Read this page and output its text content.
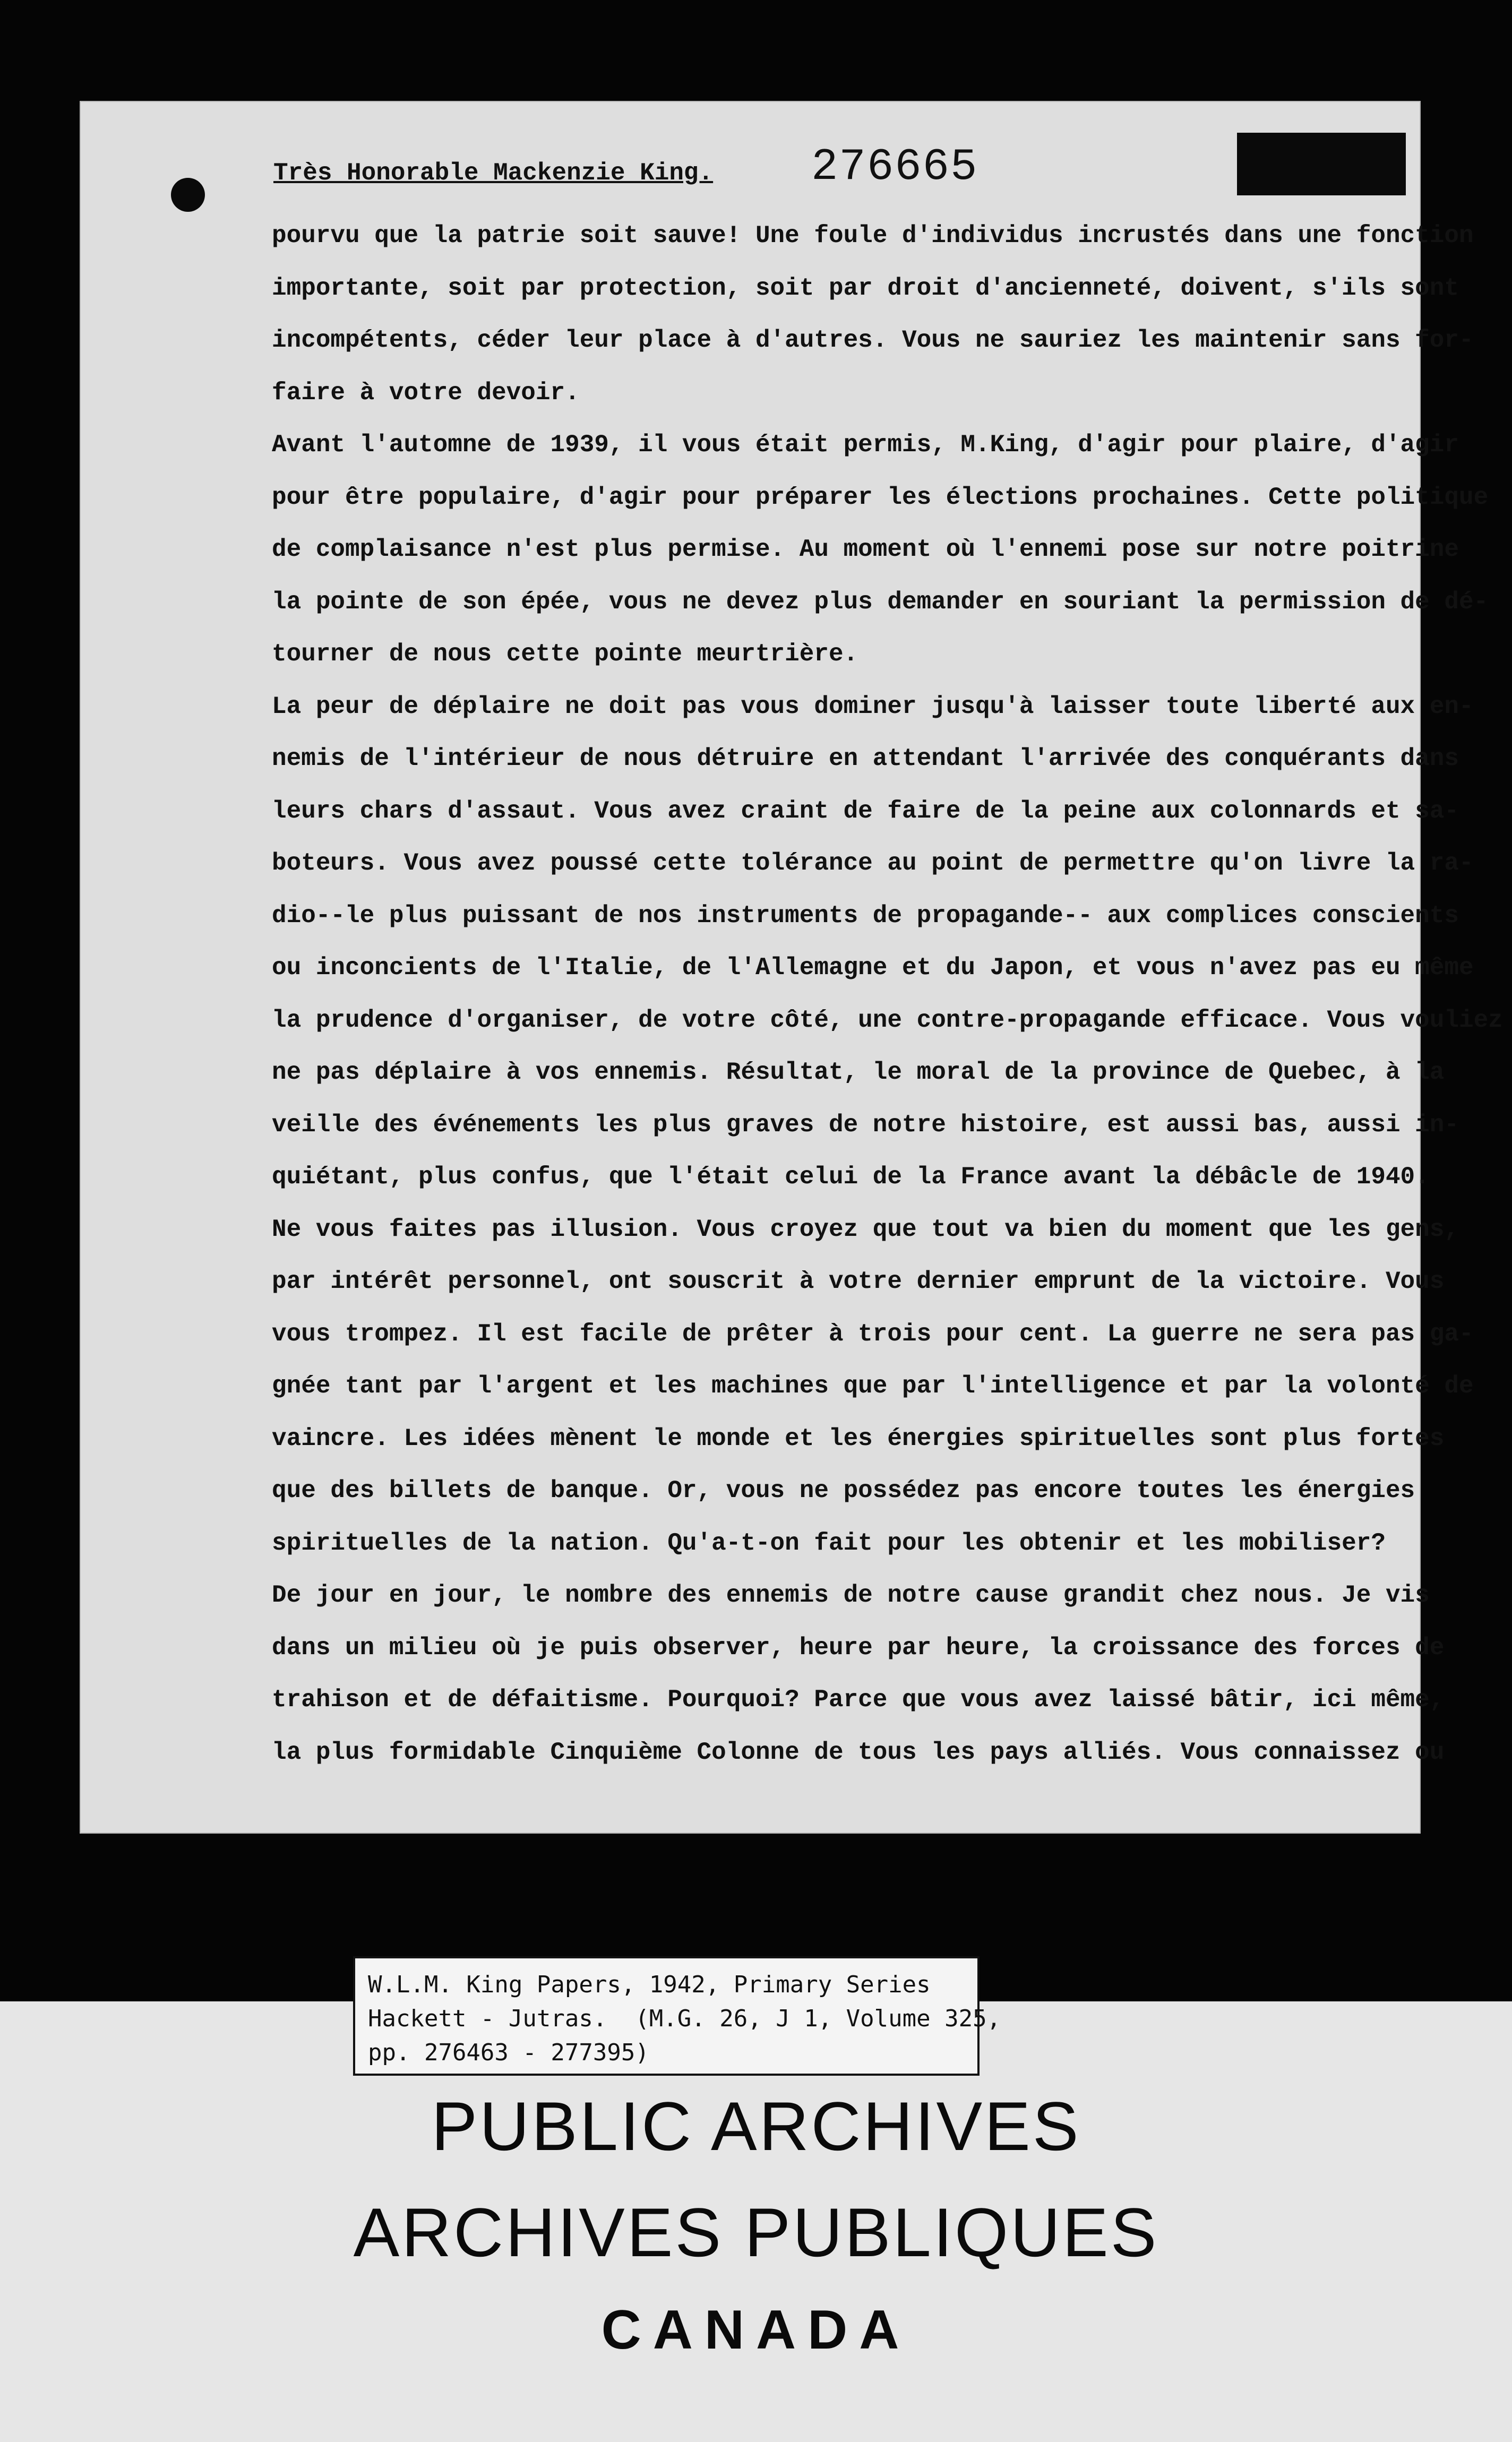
Très Honorable Mackenzie King. 276665
pourvu que la patrie soit sauve! Une foule d'individus incrustés dans une fonction
importante, soit par protection, soit par droit d'ancienneté, doivent, s'ils sont
incompétents, céder leur place à d'autres. Vous ne sauriez les maintenir sans for-
faire à votre devoir.
Avant l'automne de 1939, il vous était permis, M.King, d'agir pour plaire, d'agir
pour être populaire, d'agir pour préparer les élections prochaines. Cette politique
de complaisance n'est plus permise. Au moment où l'ennemi pose sur notre poitrine
la pointe de son épée, vous ne devez plus demander en souriant la permission de dé-
tourner de nous cette pointe meurtrière.
La peur de déplaire ne doit pas vous dominer jusqu'à laisser toute liberté aux en-
nemis de l'intérieur de nous détruire en attendant l'arrivée des conquérants dans
leurs chars d'assaut. Vous avez craint de faire de la peine aux colonnards et sa-
boteurs. Vous avez poussé cette tolérance au point de permettre qu'on livre la ra-
dio--le plus puissant de nos instruments de propagande-- aux complices conscients
ou inconcients de l'Italie, de l'Allemagne et du Japon, et vous n'avez pas eu même
la prudence d'organiser, de votre côté, une contre-propagande efficace. Vous vouliez
ne pas déplaire à vos ennemis. Résultat, le moral de la province de Quebec, à la
veille des événements les plus graves de notre histoire, est aussi bas, aussi in-
quiétant, plus confus, que l'était celui de la France avant la débâcle de 1940.
Ne vous faites pas illusion. Vous croyez que tout va bien du moment que les gens,
par intérêt personnel, ont souscrit à votre dernier emprunt de la victoire. Vous
vous trompez. Il est facile de prêter à trois pour cent. La guerre ne sera pas ga-
gnée tant par l'argent et les machines que par l'intelligence et par la volonté de
vaincre. Les idées mènent le monde et les énergies spirituelles sont plus fortes
que des billets de banque. Or, vous ne possédez pas encore toutes les énergies
spirituelles de la nation. Qu'a-t-on fait pour les obtenir et les mobiliser?
De jour en jour, le nombre des ennemis de notre cause grandit chez nous. Je vis
dans un milieu où je puis observer, heure par heure, la croissance des forces de
trahison et de défaitisme. Pourquoi? Parce que vous avez laissé bâtir, ici même,
la plus formidable Cinquième Colonne de tous les pays alliés. Vous connaissez ou
PUBLIC ARCHIVES
ARCHIVES PUBLIQUES
CANADA
W.L.M. King Papers, 1942, Primary Series
Hackett - Jutras.  (M.G. 26, J 1, Volume 325,
pp. 276463 - 277395)
